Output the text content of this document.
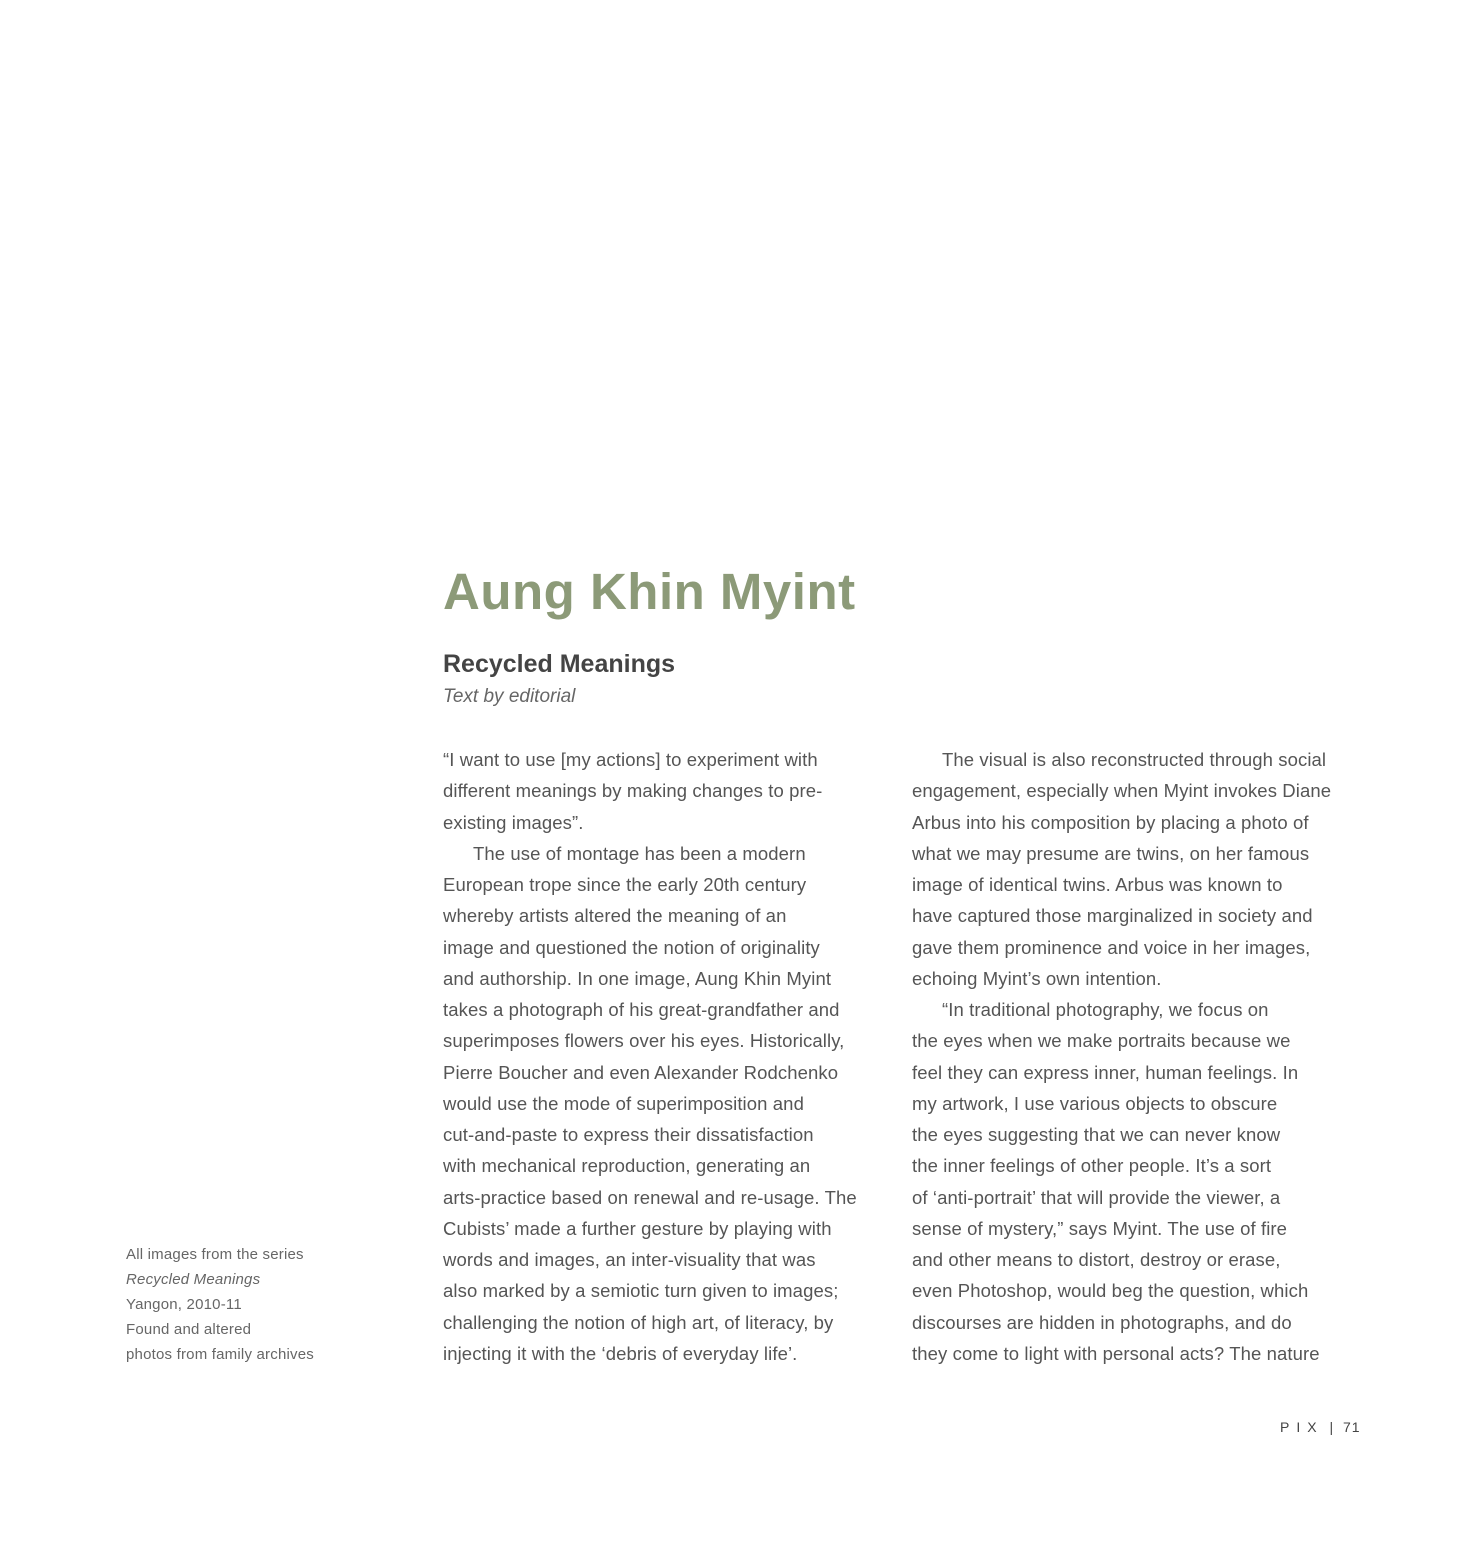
Aung Khin Myint
Recycled Meanings

Text by editorial

“I want to use [my actions] to experiment with
different meanings by making changes to pre-
existing images”.
The use of montage has been a modern
European trope since the early 20th century
whereby artists altered the meaning of an
image and questioned the notion of originality
and authorship. In one image, Aung Khin Myint
takes a photograph of his great-grandfather and
superimposes flowers over his eyes. Historically,
Pierre Boucher and even Alexander Rodchenko
would use the mode of superimposition and
cut-and-paste to express their dissatisfaction
with mechanical reproduction, generating an
arts-practice based on renewal and re-usage. The
Cubists’ made a further gesture by playing with
words and images, an inter-visuality that was
also marked by a semiotic turn given to images;
challenging the notion of high art, of literacy, by
injecting it with the ‘debris of everyday life’.
The visual is also reconstructed through social
engagement, especially when Myint invokes Diane
Arbus into his composition by placing a photo of
what we may presume are twins, on her famous
image of identical twins. Arbus was known to
have captured those marginalized in society and
gave them prominence and voice in her images,
echoing Myint’s own intention.
“In traditional photography, we focus on
the eyes when we make portraits because we
feel they can express inner, human feelings. In
my artwork, I use various objects to obscure
the eyes suggesting that we can never know
the inner feelings of other people. It’s a sort
of ‘anti-portrait’ that will provide the viewer, a
sense of mystery,” says Myint. The use of fire
and other means to distort, destroy or erase,
even Photoshop, would beg the question, which
discourses are hidden in photographs, and do
they come to light with personal acts? The nature
All images from the series
Recycled Meanings
Yangon, 2010-11
Found and altered
photos from family archives
PIX | 71
